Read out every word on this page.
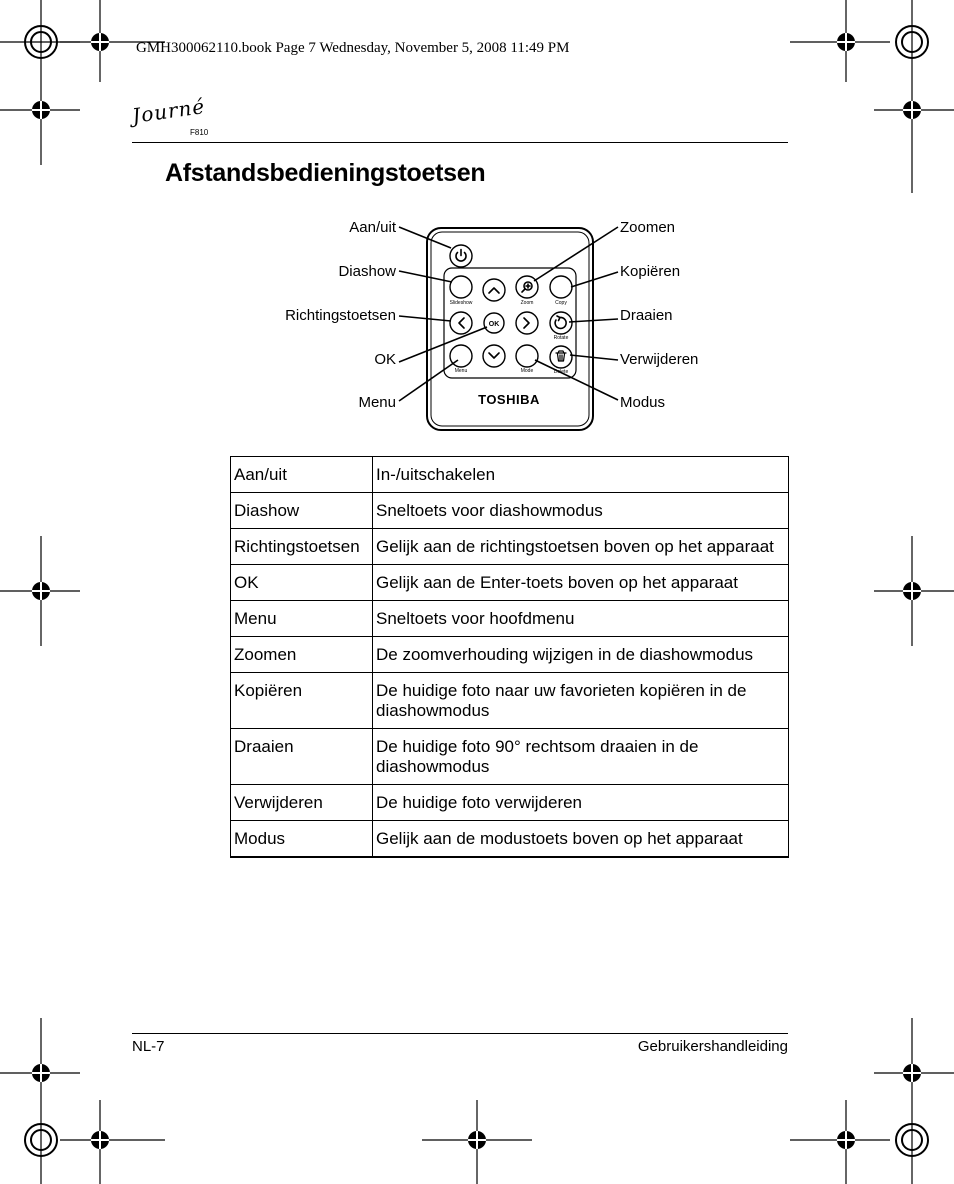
GMH300062110.book Page 7 Wednesday, November 5, 2008 11:49 PM
Journé
F810
Afstandsbedieningstoetsen
OK
Slideshow	Zoom	Copy
Rotate
Menu	Mode	Delete
TOSHIBA
Aan/uit
Diashow
Richtingstoetsen
OK
Menu
Zoomen
Kopiëren
Draaien
Verwijderen
Modus
Aan/uit	In-/uitschakelen
Diashow	Sneltoets voor diashowmodus
Richtingstoetsen	Gelijk aan de richtingstoetsen boven op het apparaat
OK	Gelijk aan de Enter-toets boven op het apparaat
Menu	Sneltoets voor hoofdmenu
Zoomen	De zoomverhouding wijzigen in de diashowmodus
Kopiëren	De huidige foto naar uw favorieten kopiëren in de diashowmodus
Draaien	De huidige foto 90° rechtsom draaien in de diashowmodus
Verwijderen	De huidige foto verwijderen
Modus	Gelijk aan de modustoets boven op het apparaat
NL-7	Gebruikershandleiding
